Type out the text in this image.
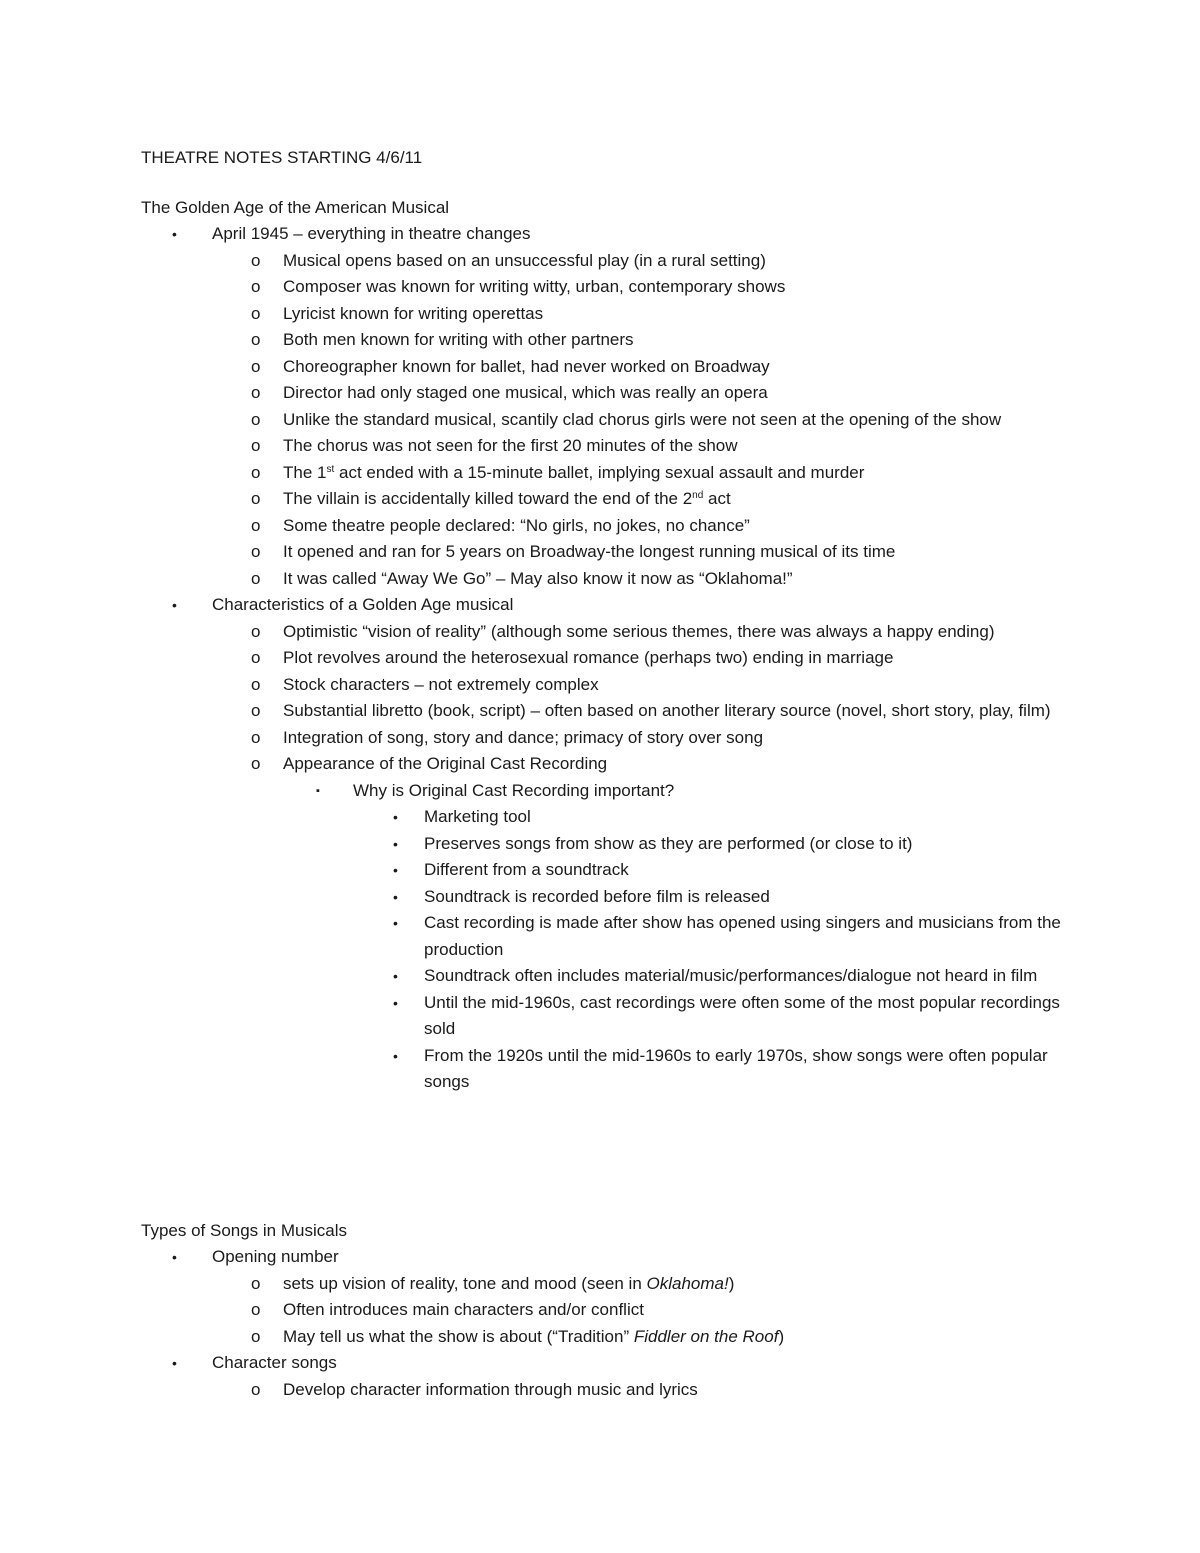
THEATRE NOTES STARTING 4/6/11
The Golden Age of the American Musical
• April 1945 – everything in theatre changes
o Musical opens based on an unsuccessful play (in a rural setting)
o Composer was known for writing witty, urban, contemporary shows
o Lyricist known for writing operettas
o Both men known for writing with other partners
o Choreographer known for ballet, had never worked on Broadway
o Director had only staged one musical, which was really an opera
o Unlike the standard musical, scantily clad chorus girls were not seen at the opening of the show
o The chorus was not seen for the first 20 minutes of the show
o The 1st act ended with a 15-minute ballet, implying sexual assault and murder
o The villain is accidentally killed toward the end of the 2nd act
o Some theatre people declared: “No girls, no jokes, no chance”
o It opened and ran for 5 years on Broadway-the longest running musical of its time
o It was called “Away We Go” – May also know it now as “Oklahoma!”
• Characteristics of a Golden Age musical
o Optimistic “vision of reality” (although some serious themes, there was always a happy ending)
o Plot revolves around the heterosexual romance (perhaps two) ending in marriage
o Stock characters – not extremely complex
o Substantial libretto (book, script) – often based on another literary source (novel, short story, play, film)
o Integration of song, story and dance; primacy of story over song
o Appearance of the Original Cast Recording
▪ Why is Original Cast Recording important?
• Marketing tool
• Preserves songs from show as they are performed (or close to it)
• Different from a soundtrack
• Soundtrack is recorded before film is released
• Cast recording is made after show has opened using singers and musicians from the production
• Soundtrack often includes material/music/performances/dialogue not heard in film
• Until the mid-1960s, cast recordings were often some of the most popular recordings sold
• From the 1920s until the mid-1960s to early 1970s, show songs were often popular songs
Types of Songs in Musicals
• Opening number
o sets up vision of reality, tone and mood (seen in Oklahoma!)
o Often introduces main characters and/or conflict
o May tell us what the show is about (“Tradition” Fiddler on the Roof)
• Character songs
o Develop character information through music and lyrics
